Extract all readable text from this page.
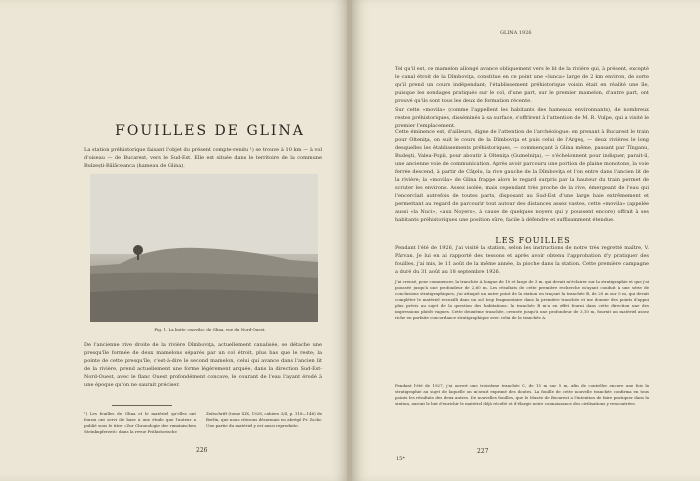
FOUILLES DE GLINA

La station préhistorique faisant l'objet du présent compte-rendu ¹) se trouve à 10 km — à vol d'oiseau — de Bucarest, vers le Sud-Est. Elle est située dans le territoire de la commune Bulzeṣti-Bălăceanca (hameau de Glina).

Fig. 1. La butte «movila» de Glina, vue du Nord-Ouest.

De l'ancienne rive droite de la rivière Dîmboviţa, actuellement canalisée, se détache une presqu'île formée de deux mamelons séparés par un col étroit, plus bas que le reste; la pointe de cette presqu'île, c'est-à-dire le second mamelon, celui qui avance dans l'ancien lit de la rivière, prend actuellement une forme légèrement arquée, dans la direction Sud-Est-Nord-Ouest, avec le flanc Ouest profondément concave, le courant de l'eau l'ayant érodé à une époque qu'on ne saurait préciser.

¹) Les fouilles de Glina et le matériel qu'elles ont fourni ont servi de base à une étude que l'auteur a publié sous le titre «Zur Chronologie der rumänischen Steinkupferzeit» dans la revue Prähistorische

Zeitschrift (tome XIX, 1928, cahiers 3/4, p. 118—146) de Berlin, que nous citerons désormais en abrégé Pr. Zschr. Une partie du matériel y est aussi reproduite.

226

Tel qu'il est, ce mamelon allongé avance obliquement vers le lit de la rivière qui, à présent, excepté le canal étroit de la Dîmboviţa, constitue en ce point une «lunca» large de 2 km environ, de sorte qu'il prend un cours indépendant; l'établissement préhistorique voisin était en réalité une île, puisque les sondages pratiqués sur le col, d'une part, sur le premier mamelon, d'autre part, ont prouvé qu'ils sont tous les deux de formation récente.

Sur cette «movila» (comme l'appellent les habitants des hameaux environnants), de nombreux restes préhistoriques, disséminés à sa surface, s'offrirent à l'attention de M. R. Vulpe, qui a visité le premier l'emplacement.

Cette éminence est, d'ailleurs, digne de l'attention de l'archéologue: en prenant à Bucarest le train pour Olteniţa, on suit le cours de la Dîmboviţa et puis celui de l'Argeş, — deux rivières le long desquelles les établissements préhistoriques, — commençant à Glina même, passant par Tînganu, Budeşti, Valea-Popii, pour aboutir à Olteniţa (Gumelniţa), — s'échelonnent pour indiquer, parait-il, une ancienne voie de communication. Après avoir parcouru une portion de plaine monotone, la voie ferrée descend, à partir de Căţelu, la rive gauche de la Dîmboviţa et l'on entre dans l'ancien lit de la rivière; la «movila» de Glina frappe alors le regard surpris par la hauteur du train permet de scruter les environs. Assez isolée, mais cependant très proche de la rive, émergeant de l'eau qui l'encerclait autrefois de toutes parts, disposant au Sud-Est d'une large baie extrêmement et permettant au regard de parcourir tout autour des distances assez vastes, cette «movila» (appelée aussi «la Nuci», «aux Noyers», à cause de quelques noyers qui y poussent encore) offrait à ses habitants préhistoriques une position sûre, facile à défendre et suffisamment étendue.

Pendant l'été de 1926, j'ai visité la station, selon les instructions de notre très regretté maître, V. Pârvan. Je lui en ai rapporté des tessons et après avoir obtenu l'approbation d'y pratiquer des fouilles, j'ai mis, le 11 août de la même année, la pioche dans la station. Cette première campagne a duré du 31 août au 18 septembre 1926.

J'ai creusé, pour commencer, la tranchée A longue de 10 et large de 3 m, qui devait m'éclairer sur la stratigraphie et que j'ai poussée jusqu'à une profondeur de 2,60 m. Les résultats de cette première recherche m'ayant conduit à une série de conclusions stratigraphiques, j'ai attaqué un autre point de la station en traçant la tranchée B, de 20 m sur 5 m, qui devait compléter le matériel recueilli dans un sol trop fragmentaire dans la première tranchée et me donner des points d'appui plus précis au sujet de la question des habitations: la tranchée B m'a en effet fourni dans cette direction une des impressions plutôt vagues. Cette deuxième tranchée, creusée jusqu'à une profondeur de 3,10 m, fournit un matériel assez riche en parfaite concordance stratigraphique avec celui de la tranchée A.

Pendant l'été de 1927, j'ai ouvert une troisième tranchée C, de 15 m sur 5 m, afin de contrôler encore une fois la stratigraphie au sujet de laquelle on m'avait exprimé des doutes. La fouille de cette nouvelle tranchée confirma en tous points les résultats des deux autres. De nouvelles fouilles, que le Musée de Bucarest a l'intention de faire pratiquer dans la station, auront le but d'enrichir le matériel déjà récolté et d'élargir notre connaissance des civilisations y rencontrées.

15*
227
GLINA 1926
LES FOUILLES
